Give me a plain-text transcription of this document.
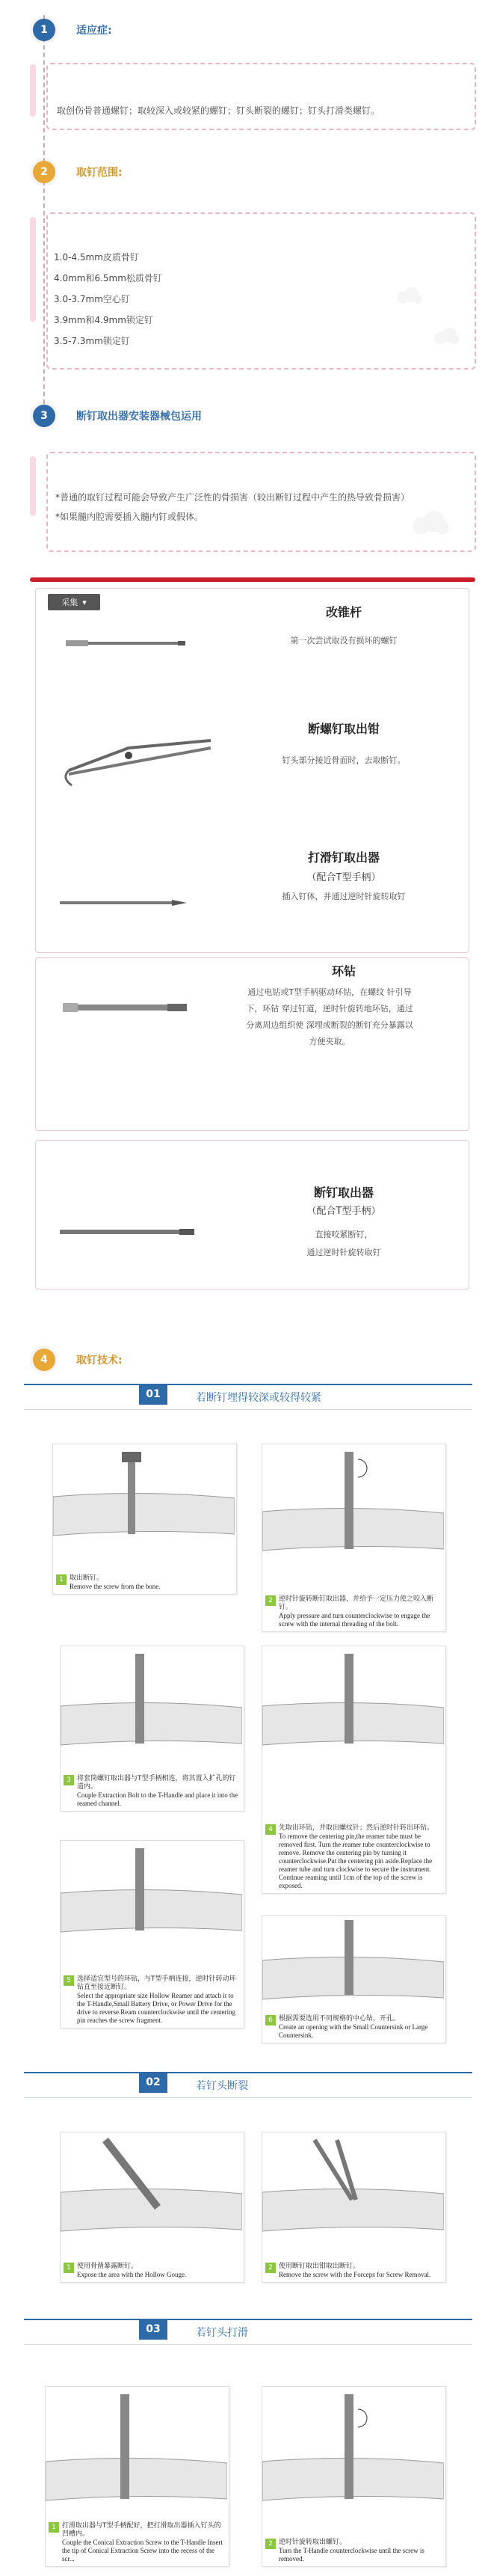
1	适应症:
取创伤骨普通螺钉；取较深入或较紧的螺钉；钉头断裂的螺钉；钉头打滑类螺钉。
2	取钉范围:
1.0-4.5mm皮质骨钉
4.0mm和6.5mm松质骨钉
3.0-3.7mm空心钉
3.9mm和4.9mm锁定钉
3.5-7.3mm锁定钉
3	断钉取出器安装器械包运用
*普通的取钉过程可能会导致产生广泛性的骨损害（较出断钉过程中产生的热导致骨损害）
*如果髓内腔需要插入髓内钉或假体。
采集 ▾
改锥杆
第一次尝试取没有损坏的螺钉
断螺钉取出钳
钉头部分接近骨面时，去取断钉。
打滑钉取出器
（配合T型手柄）
插入钉体，并通过逆时针旋转取钉
环钻
通过电钻或T型手柄驱动环钻，在螺纹 针引导
下，环钻 穿过钉道，逆时针旋转地环钻，通过
分离周边组织使 深埋或断裂的断钉充分暴露以
方便夹取。
断钉取出器
（配合T型手柄）
直接咬紧断钉，
通过逆时针旋转取钉
4	取钉技术:
01	若断钉埋得较深或较得较紧
1 取出断钉。
Remove the screw from the bone.
2 逆时针旋转断钉取出器，并给予一定压力使之咬入断钉。
Apply pressure and turn counterclockwise to engage the screw with the internal threading of the bolt.
3 将套筒螺钉取出器与T型手柄相连，将其置入扩孔的钉道内。
Couple Extraction Bolt to the T-Handle and place it into the reamed channel.
4 先取出环钻，并取出螺纹针；然后逆时针转出环钻。
To remove the centering pin,the reamer tube must be removed first. Turn the reamer tube counterclockwise to remove. Remove the centering pin by turning it counterclockwise.Put the centering pin aside.Replace the reamer tube and turn clockwise to secure the instrument. Continue reaming until 1cm of the top of the screw is exposed.
5 选择适宜型号的环钻，与T型手柄连接，逆时针转动环钻直至接近断钉。
Select the appropriate size Hollow Reamer and attach it to the T-Handle,Small Battery Drive, or Power Drive for the drive to reverse.Ream counterclockwise until the centering pin reaches the screw fragment.	6 根据需要选用不同规格的中心钻，开孔。
Create an opening with the Small Countersink or Large Countersink.
02	若钉头断裂
1 使用骨凿暴露断钉。
Expose the area with the Hollow Gouge.
2 使用断钉取出钳取出断钉。
Remove the screw with the Forceps for Screw Removal.
03	若钉头打滑
1 打滑取出器与T型手柄配好，把打滑取出器插入钉头的凹槽内。
Couple the Conical Extraction Screw to the T-Handle Insert the tip of Conical Extraction Screw into the recess of the scr...
2 逆时针旋转取出螺钉。
Turn the T-Handle counterclockwise until the screw is removed.
